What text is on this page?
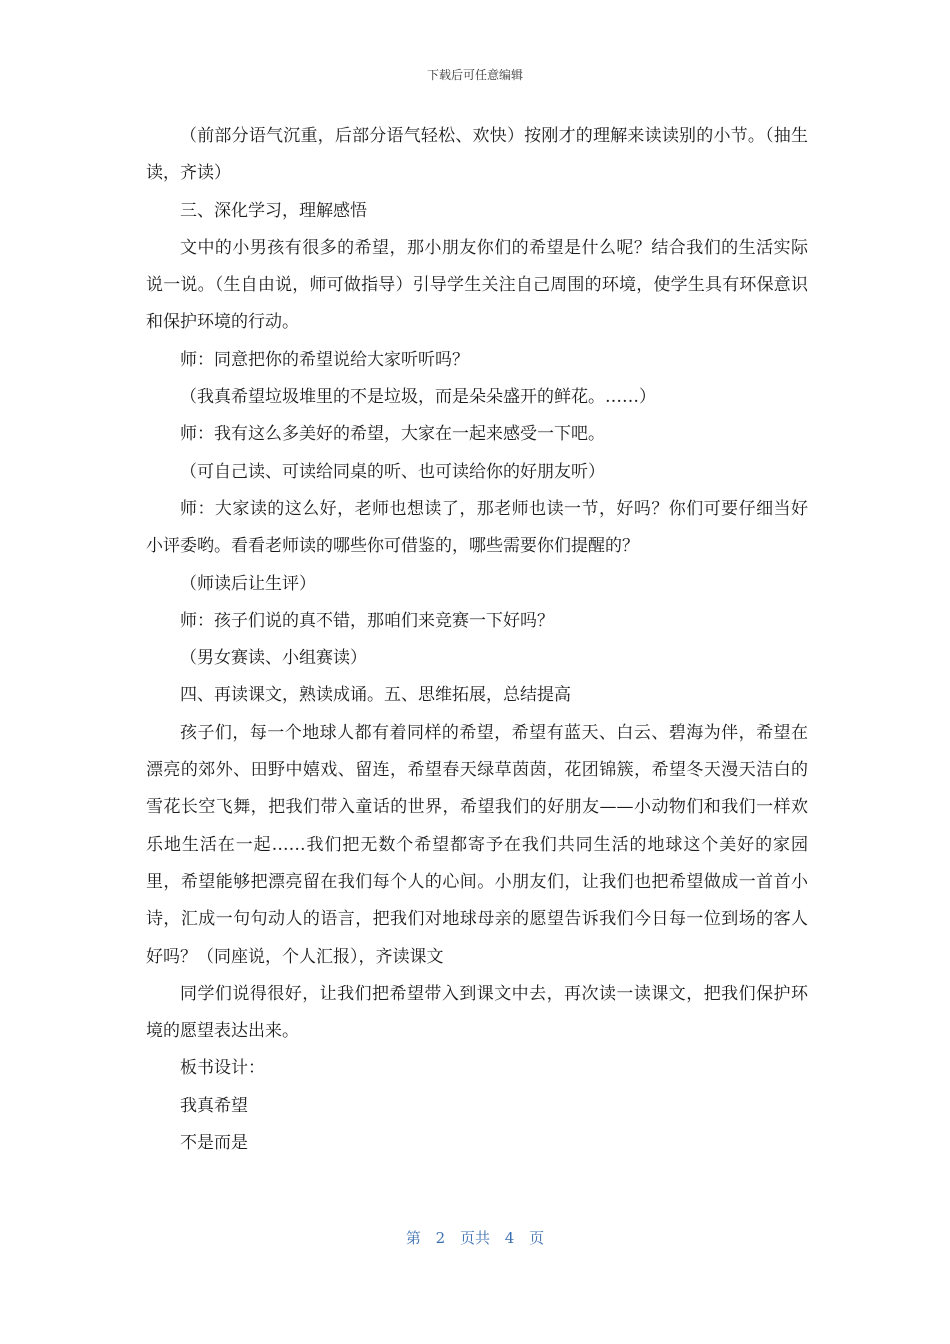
下载后可任意编辑

（前部分语气沉重，后部分语气轻松、欢快）按刚才的理解来读读别的小节。（抽生读，齐读）

三、深化学习，理解感悟

文中的小男孩有很多的希望，那小朋友你们的希望是什么呢？结合我们的生活实际说一说。（生自由说，师可做指导）引导学生关注自己周围的环境，使学生具有环保意识和保护环境的行动。

师：同意把你的希望说给大家听听吗？

（我真希望垃圾堆里的不是垃圾，而是朵朵盛开的鲜花。……）

师：我有这么多美好的希望，大家在一起来感受一下吧。

（可自己读、可读给同桌的听、也可读给你的好朋友听）

师：大家读的这么好，老师也想读了，那老师也读一节，好吗？你们可要仔细当好小评委哟。看看老师读的哪些你可借鉴的，哪些需要你们提醒的？

（师读后让生评）

师：孩子们说的真不错，那咱们来竞赛一下好吗？

（男女赛读、小组赛读）

四、再读课文，熟读成诵。五、思维拓展，总结提高

孩子们，每一个地球人都有着同样的希望，希望有蓝天、白云、碧海为伴，希望在漂亮的郊外、田野中嬉戏、留连，希望春天绿草茵茵，花团锦簇，希望冬天漫天洁白的雪花长空飞舞，把我们带入童话的世界，希望我们的好朋友——小动物们和我们一样欢乐地生活在一起……我们把无数个希望都寄予在我们共同生活的地球这个美好的家园里，希望能够把漂亮留在我们每个人的心间。小朋友们，让我们也把希望做成一首首小诗，汇成一句句动人的语言，把我们对地球母亲的愿望告诉我们今日每一位到场的客人好吗？（同座说，个人汇报），齐读课文

同学们说得很好，让我们把希望带入到课文中去，再次读一读课文，把我们保护环境的愿望表达出来。

板书设计：

我真希望

不是而是

第 2 页共 4 页
